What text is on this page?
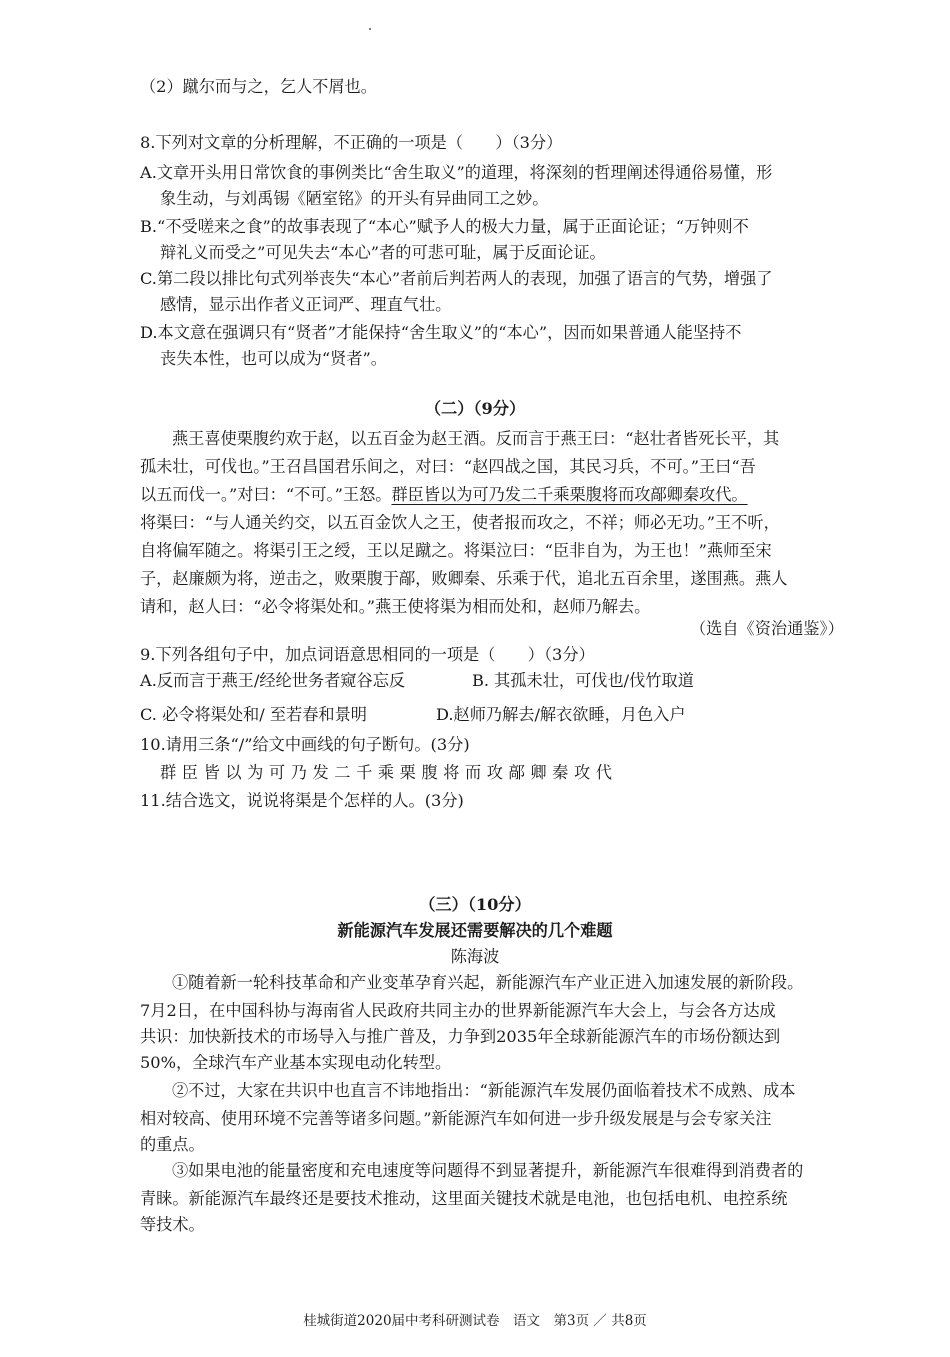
（2）蹴尔而与之，乞人不屑也。
8.下列对文章的分析理解，不正确的一项是（　　）（3分）
A.文章开头用日常饮食的事例类比“舍生取义”的道理，将深刻的哲理阐述得通俗易懂，形
象生动，与刘禹锡《陋室铭》的开头有异曲同工之妙。
B.“不受嗟来之食”的故事表现了“本心”赋予人的极大力量，属于正面论证；“万钟则不
辩礼义而受之”可见失去“本心”者的可悲可耻，属于反面论证。
C.第二段以排比句式列举丧失“本心”者前后判若两人的表现，加强了语言的气势，增强了
感情，显示出作者义正词严、理直气壮。
D.本文意在强调只有“贤者”才能保持“舍生取义”的“本心”，因而如果普通人能坚持不
丧失本性，也可以成为“贤者”。
（二）（9分）
燕王喜使栗腹约欢于赵，以五百金为赵王酒。反而言于燕王曰：“赵壮者皆死长平，其
孤未壮，可伐也。”王召昌国君乐间之，对曰：“赵四战之国，其民习兵，不可。”王曰“吾
以五而伐一。”对曰：“不可。”王怒。群臣皆以为可乃发二千乘栗腹将而攻鄗卿秦攻代。
将渠曰：“与人通关约交，以五百金饮人之王，使者报而攻之，不祥；师必无功。”王不听，
自将偏军随之。将渠引王之绶，王以足蹴之。将渠泣曰：“臣非自为，为王也！”燕师至宋
子，赵廉颇为将，逆击之，败栗腹于鄗，败卿秦、乐乘于代，追北五百余里，遂围燕。燕人
请和，赵人曰：“必令将渠处和。”燕王使将渠为相而处和，赵师乃解去。
（选自《资治通鉴》）
9.下列各组句子中，加点词语意思相同的一项是（　　）（3分）
A.反而言于燕王/经纶世务者窥谷忘反	B. 其孤未壮，可伐也/伐竹取道
C. 必令将渠处和/ 至若春和景明	D.赵师乃解去/解衣欲睡，月色入户
10.请用三条“/”给文中画线的句子断句。(3分)
群臣皆以为可乃发二千乘栗腹将而攻鄗卿秦攻代
11.结合选文，说说将渠是个怎样的人。(3分)
（三）（10分）
新能源汽车发展还需要解决的几个难题
陈海波
①随着新一轮科技革命和产业变革孕育兴起，新能源汽车产业正进入加速发展的新阶段。
7月2日，在中国科协与海南省人民政府共同主办的世界新能源汽车大会上，与会各方达成
共识：加快新技术的市场导入与推广普及，力争到2035年全球新能源汽车的市场份额达到
50%，全球汽车产业基本实现电动化转型。
②不过，大家在共识中也直言不讳地指出：“新能源汽车发展仍面临着技术不成熟、成本
相对较高、使用环境不完善等诸多问题。”新能源汽车如何进一步升级发展是与会专家关注
的重点。
③如果电池的能量密度和充电速度等问题得不到显著提升，新能源汽车很难得到消费者的
青睐。新能源汽车最终还是要技术推动，这里面关键技术就是电池，也包括电机、电控系统
等技术。
桂城街道2020届中考科研测试卷　语文　第3页 ／ 共8页
